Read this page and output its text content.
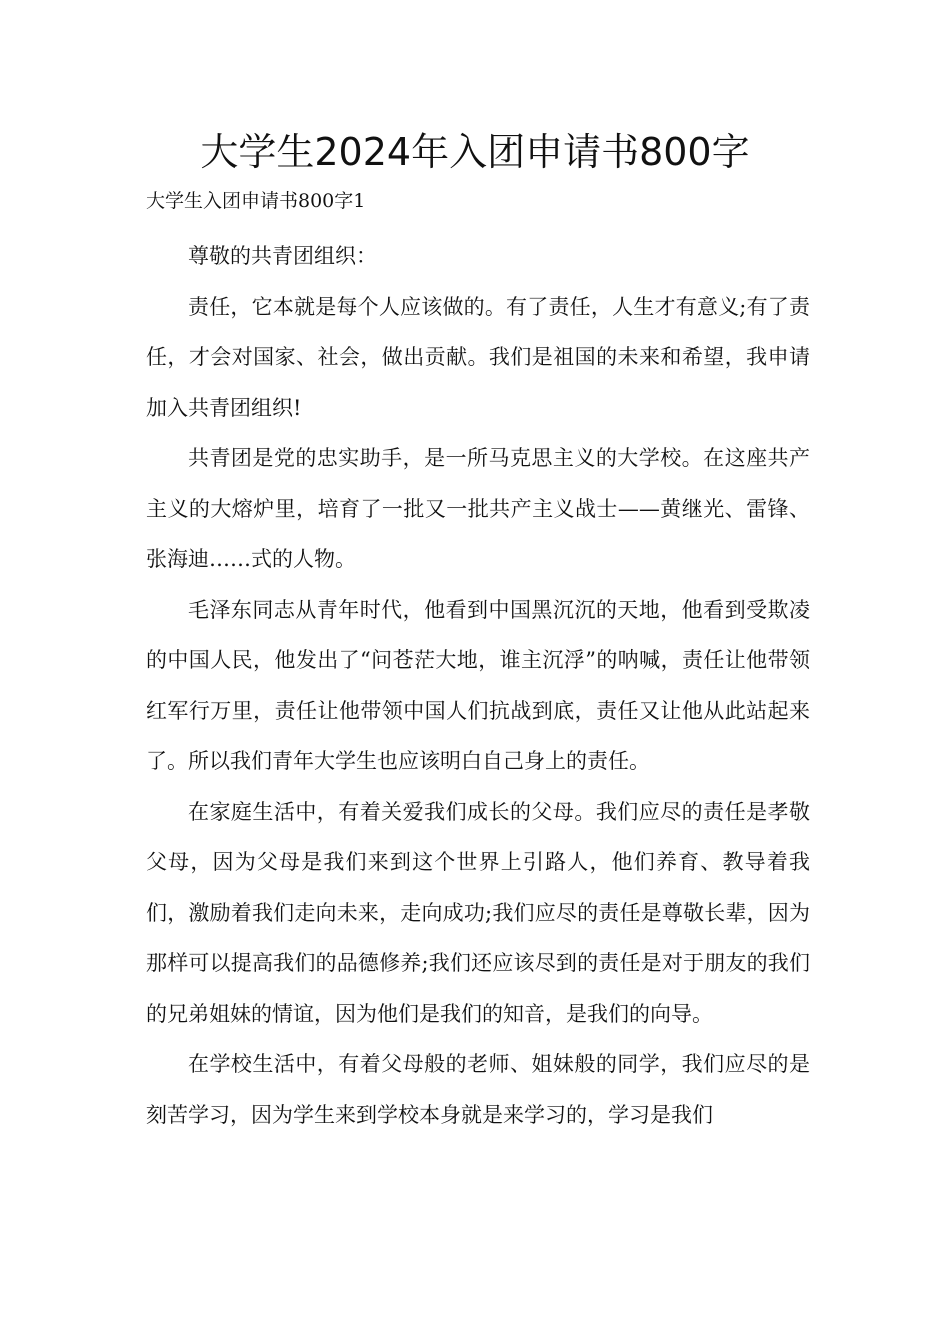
大学生2024年入团申请书800字

大学生入团申请书800字1

尊敬的共青团组织：

责任，它本就是每个人应该做的。有了责任，人生才有意义;有了责任，才会对国家、社会，做出贡献。我们是祖国的未来和希望，我申请加入共青团组织!

共青团是党的忠实助手，是一所马克思主义的大学校。在这座共产主义的大熔炉里，培育了一批又一批共产主义战士——黄继光、雷锋、张海迪……式的人物。

毛泽东同志从青年时代，他看到中国黑沉沉的天地，他看到受欺凌的中国人民，他发出了“问苍茫大地，谁主沉浮”的呐喊，责任让他带领红军行万里，责任让他带领中国人们抗战到底，责任又让他从此站起来了。所以我们青年大学生也应该明白自己身上的责任。

在家庭生活中，有着关爱我们成长的父母。我们应尽的责任是孝敬父母，因为父母是我们来到这个世界上引路人，他们养育、教导着我们，激励着我们走向未来，走向成功;我们应尽的责任是尊敬长辈，因为那样可以提高我们的品德修养;我们还应该尽到的责任是对于朋友的我们的兄弟姐妹的情谊，因为他们是我们的知音，是我们的向导。

在学校生活中，有着父母般的老师、姐妹般的同学，我们应尽的是刻苦学习，因为学生来到学校本身就是来学习的，学习是我们
